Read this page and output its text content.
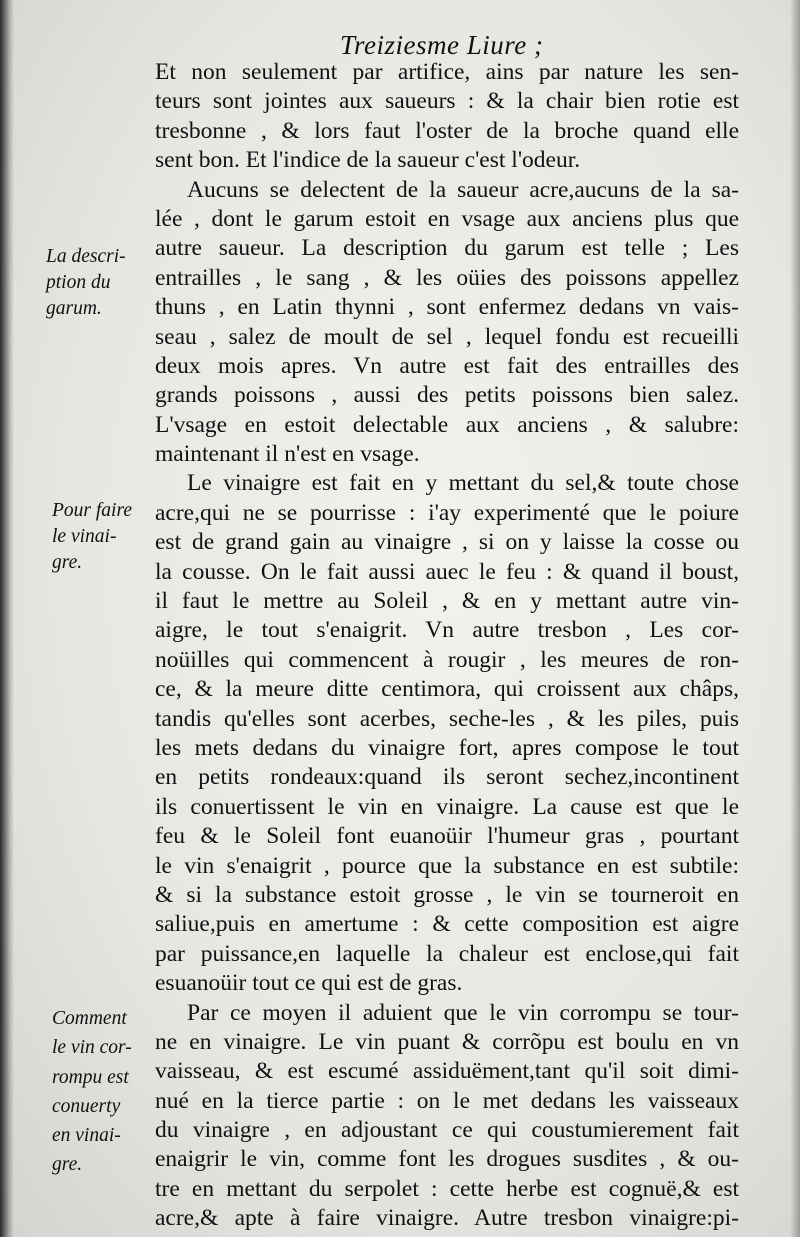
Treiziesme Liure ;
Et non seulement par artifice, ains par nature les sen-
teurs sont jointes aux saueurs : & la chair bien rotie est
tresbonne , & lors faut l'oster de la broche quand elle
sent bon. Et l'indice de la saueur c'est l'odeur.
Aucuns se delectent de la saueur acre,aucuns de la sa-
lée , dont le garum estoit en vsage aux anciens plus que
autre saueur. La description du garum est telle ; Les
entrailles , le sang , & les oüies des poissons appellez
thuns , en Latin thynni , sont enfermez dedans vn vais-
seau , salez de moult de sel , lequel fondu est recueilli
deux mois apres. Vn autre est fait des entrailles des
grands poissons , aussi des petits poissons bien salez.
L'vsage en estoit delectable aux anciens , & salubre:
maintenant il n'est en vsage.
Le vinaigre est fait en y mettant du sel,& toute chose
acre,qui ne se pourrisse : i'ay experimenté que le poiure
est de grand gain au vinaigre , si on y laisse la cosse ou
la cousse. On le fait aussi auec le feu : & quand il boust,
il faut le mettre au Soleil , & en y mettant autre vin-
aigre, le tout s'enaigrit. Vn autre tresbon , Les cor-
noüilles qui commencent à rougir , les meures de ron-
ce, & la meure ditte centimora, qui croissent aux châps,
tandis qu'elles sont acerbes, seche-les , & les piles, puis
les mets dedans du vinaigre fort, apres compose le tout
en petits rondeaux:quand ils seront sechez,incontinent
ils conuertissent le vin en vinaigre. La cause est que le
feu & le Soleil font euanoüir l'humeur gras , pourtant
le vin s'enaigrit , pource que la substance en est subtile:
& si la substance estoit grosse , le vin se tourneroit en
saliue,puis en amertume : & cette composition est aigre
par puissance,en laquelle la chaleur est enclose,qui fait
esuanoüir tout ce qui est de gras.
Par ce moyen il aduient que le vin corrompu se tour-
ne en vinaigre. Le vin puant & corrõpu est boulu en vn
vaisseau, & est escumé assiduëment,tant qu'il soit dimi-
nué en la tierce partie : on le met dedans les vaisseaux
du vinaigre , en adjoustant ce qui coustumierement fait
enaigrir le vin, comme font les drogues susdites , & ou-
tre en mettant du serpolet : cette herbe est cognuë,& est
acre,& apte à faire vinaigre. Autre tresbon vinaigre:pi-
La descri-
ption du
garum.
Pour faire
le vinai-
gre.
Comment
le vin cor-
rompu est
conuerty
en vinai-
gre.
